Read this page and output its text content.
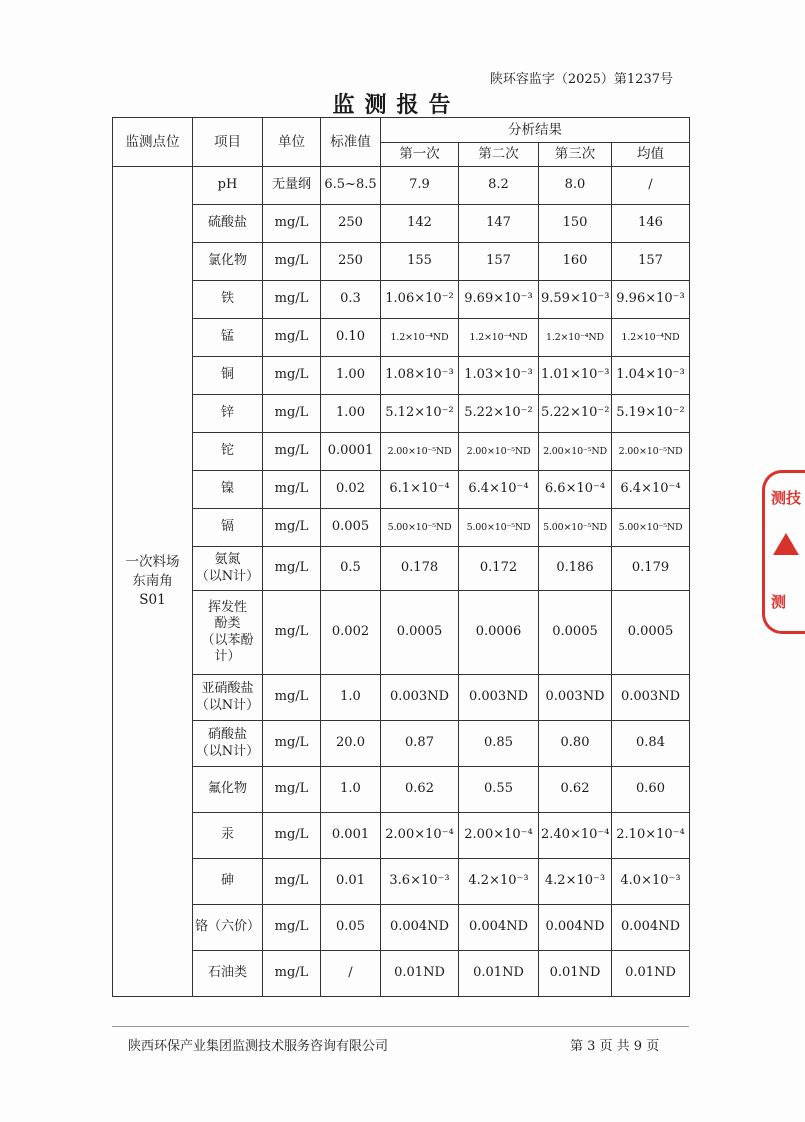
陕环容监字（2025）第1237号
监测报告
监测点位	项目	单位	标准值	分析结果			
				第一次	第二次	第三次	均值

一次料场
东南角
S01	pH	无量纲	6.5~8.5	7.9	8.2	8.0	/

	硫酸盐	mg/L	250	142	147	150	146

	氯化物	mg/L	250	155	157	160	157

	铁	mg/L	0.3	1.06×10⁻²	9.69×10⁻³	9.59×10⁻³	9.96×10⁻³

	锰	mg/L	0.10	1.2×10⁻⁴ND	1.2×10⁻⁴ND	1.2×10⁻⁴ND	1.2×10⁻⁴ND

	铜	mg/L	1.00	1.08×10⁻³	1.03×10⁻³	1.01×10⁻³	1.04×10⁻³

	锌	mg/L	1.00	5.12×10⁻²	5.22×10⁻²	5.22×10⁻²	5.19×10⁻²

	铊	mg/L	0.0001	2.00×10⁻⁵ND	2.00×10⁻⁵ND	2.00×10⁻⁵ND	2.00×10⁻⁵ND

	镍	mg/L	0.02	6.1×10⁻⁴	6.4×10⁻⁴	6.6×10⁻⁴	6.4×10⁻⁴

	镉	mg/L	0.005	5.00×10⁻⁵ND	5.00×10⁻⁵ND	5.00×10⁻⁵ND	5.00×10⁻⁵ND

	氨氮
（以N计）	mg/L	0.5	0.178	0.172	0.186	0.179

	挥发性
酚类
（以苯酚
计）	mg/L	0.002	0.0005	0.0006	0.0005	0.0005

	亚硝酸盐
（以N计）	mg/L	1.0	0.003ND	0.003ND	0.003ND	0.003ND

	硝酸盐
（以N计）	mg/L	20.0	0.87	0.85	0.80	0.84

	氟化物	mg/L	1.0	0.62	0.55	0.62	0.60

	汞	mg/L	0.001	2.00×10⁻⁴	2.00×10⁻⁴	2.40×10⁻⁴	2.10×10⁻⁴

	砷	mg/L	0.01	3.6×10⁻³	4.2×10⁻³	4.2×10⁻³	4.0×10⁻³

	铬（六价）	mg/L	0.05	0.004ND	0.004ND	0.004ND	0.004ND

	石油类	mg/L	/	0.01ND	0.01ND	0.01ND	0.01ND
陕西环保产业集团监测技术服务咨询有限公司	第 3 页 共 9 页
测技
测
